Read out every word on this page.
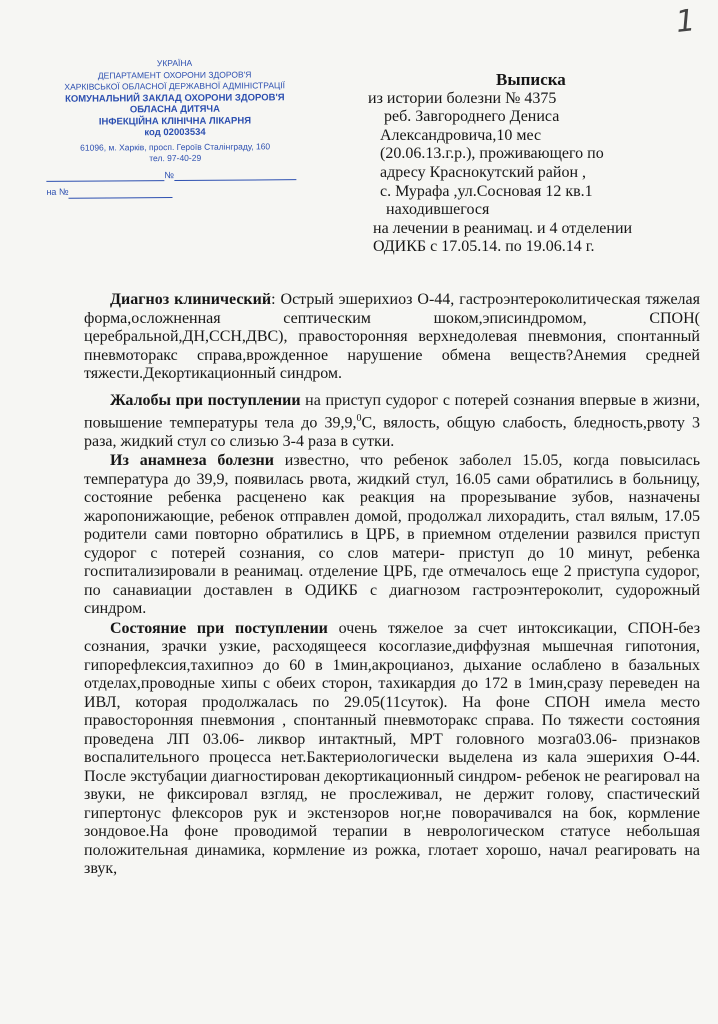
1
УКРАЇНА
ДЕПАРТАМЕНТ ОХОРОНИ ЗДОРОВ'Я
ХАРКІВСЬКОЇ ОБЛАСНОЇ ДЕРЖАВНОЇ АДМІНІСТРАЦІЇ
КОМУНАЛЬНИЙ ЗАКЛАД ОХОРОНИ ЗДОРОВ'Я
ОБЛАСНА ДИТЯЧА
ІНФЕКЦІЙНА КЛІНІЧНА ЛІКАРНЯ
код 02003534
61096, м. Харків, просп. Героїв Сталінграду, 160
тел. 97-40-29
№
на №
Выписка
из истории болезни № 4375
реб. Завгороднего Дениса
Александровича,10 мес
(20.06.13.г.р.), проживающего по
адресу Краснокутский район ,
с. Мурафа ,ул.Сосновая 12 кв.1
находившегося
на лечении в реанимац. и 4 отделении
ОДИКБ с 17.05.14. по 19.06.14 г.

Диагноз клинический: Острый эшерихиоз О-44, гастроэнтероколитическая тяжелая форма,осложненная септическим шоком,эписиндромом, СПОН( церебральной,ДН,ССН,ДВС), правосторонняя верхнедолевая пневмония, спонтанный пневмоторакс справа,врожденное нарушение обмена веществ?Анемия средней тяжести.Декортикационный синдром.

Жалобы при поступлении на приступ судорог с потерей сознания впервые в жизни, повышение температуры тела до 39,9,$^0$С, вялость, общую слабость, бледность,рвоту 3 раза, жидкий стул со слизью 3-4 раза в сутки.

Из анамнеза болезни известно, что ребенок заболел 15.05, когда повысилась температура до 39,9, появилась рвота, жидкий стул, 16.05 сами обратились в больницу, состояние ребенка расценено как реакция на прорезывание зубов, назначены жаропонижающие, ребенок отправлен домой, продолжал лихорадить, стал вялым, 17.05 родители сами повторно обратились в ЦРБ, в приемном отделении развился приступ судорог с потерей сознания, со слов матери- приступ до 10 минут, ребенка госпитализировали в реанимац. отделение ЦРБ, где отмечалось еще 2 приступа судорог, по санавиации доставлен в ОДИКБ с диагнозом гастроэнтероколит, судорожный синдром.

Состояние при поступлении очень тяжелое за счет интоксикации, СПОН-без сознания, зрачки узкие, расходящееся косоглазие,диффузная мышечная гипотония, гипорефлексия,тахипноэ до 60 в 1мин,акроцианоз, дыхание ослаблено в базальных отделах,проводные хипы с обеих сторон, тахикардия до 172 в 1мин,сразу переведен на ИВЛ, которая продолжалась по 29.05(11суток). На фоне СПОН имела место правосторонняя пневмония , спонтанный пневмоторакс справа. По тяжести состояния проведена ЛП 03.06- ликвор интактный, МРТ головного мозга03.06- признаков воспалительного процесса нет.Бактериологически выделена из кала эшерихия О-44. После экстубации диагностирован декортикационный синдром- ребенок не реагировал на звуки, не фиксировал взгляд, не прослеживал, не держит голову, спастический гипертонус флексоров рук и экстензоров ног,не поворачивался на бок, кормление зондовое.На фоне проводимой терапии в неврологическом статусе небольшая положительная динамика, кормление из рожка, глотает хорошо, начал реагировать на звук,
